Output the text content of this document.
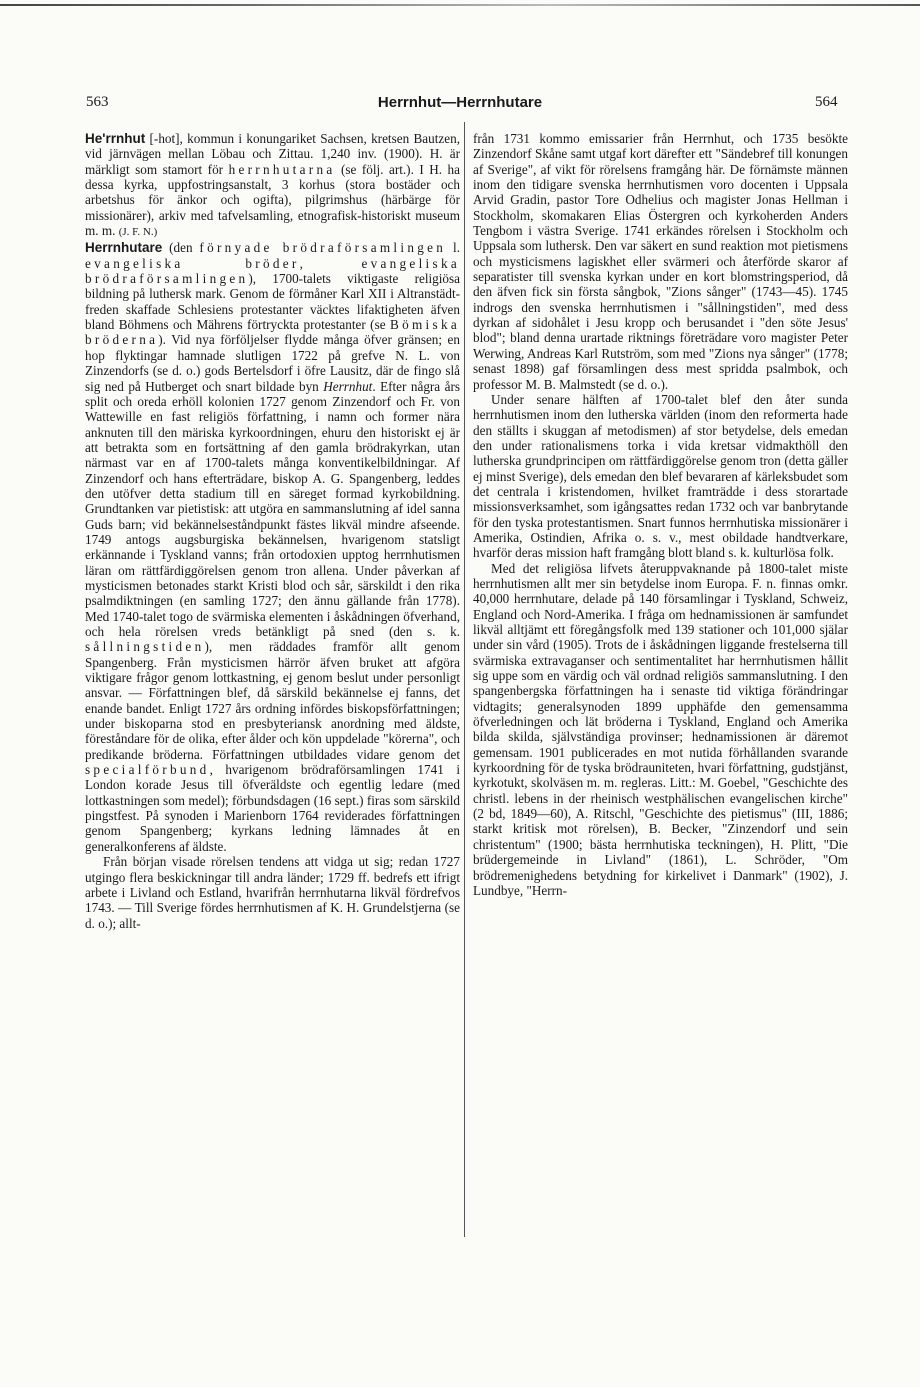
563	Herrnhut—Herrnhutare	564

He'rrnhut [-hot], kommun i konungariket Sachsen, kretsen Bautzen, vid järnvägen mellan Löbau och Zittau. 1,240 inv. (1900). H. är märkligt som stamort för herrnhutarna (se följ. art.). I H. ha dessa kyrka, uppfostringsanstalt, 3 korhus (stora bostäder och arbetshus för änkor och ogifta), pilgrimshus (härbärge för missionärer), arkiv med tafvelsamling, etnografisk-historiskt museum m. m. (J. F. N.)

Herrnhutare (den förnyade brödraförsamlingen l. evangeliska bröder, evangeliska brödraförsamlingen), 1700-talets viktigaste religiösa bildning på luthersk mark. Genom de förmåner Karl XII i Altranstädt-freden skaffade Schlesiens protestanter väcktes lifaktigheten äfven bland Böhmens och Mährens förtryckta protestanter (se Bömiska bröderna). Vid nya förföljelser flydde många öfver gränsen; en hop flyktingar hamnade slutligen 1722 på grefve N. L. von Zinzendorfs (se d. o.) gods Bertelsdorf i öfre Lausitz, där de fingo slå sig ned på Hutberget och snart bildade byn Herrnhut. Efter några års split och oreda erhöll kolonien 1727 genom Zinzendorf och Fr. von Wattewille en fast religiös författning, i namn och former nära anknuten till den märiska kyrkoordningen, ehuru den historiskt ej är att betrakta som en fortsättning af den gamla brödrakyrkan, utan närmast var en af 1700-talets många konventikelbildningar. Af Zinzendorf och hans efterträdare, biskop A. G. Spangenberg, leddes den utöfver detta stadium till en säreget formad kyrkobildning. Grundtanken var pietistisk: att utgöra en sammanslutning af idel sanna Guds barn; vid bekännelseståndpunkt fästes likväl mindre afseende. 1749 antogs augsburgiska bekännelsen, hvarigenom statsligt erkännande i Tyskland vanns; från ortodoxien upptog herrnhutismen läran om rättfärdiggörelsen genom tron allena. Under påverkan af mysticismen betonades starkt Kristi blod och sår, särskildt i den rika psalmdiktningen (en samling 1727; den ännu gällande från 1778). Med 1740-talet togo de svärmiska elementen i åskådningen öfverhand, och hela rörelsen vreds betänkligt på sned (den s. k. sållningstiden), men räddades framför allt genom Spangenberg. Från mysticismen härrör äfven bruket att afgöra viktigare frågor genom lottkastning, ej genom beslut under personligt ansvar. — Författningen blef, då särskild bekännelse ej fanns, det enande bandet. Enligt 1727 års ordning infördes biskopsförfattningen; under biskoparna stod en presbyteriansk anordning med äldste, föreståndare för de olika, efter ålder och kön uppdelade "körerna", och predikande bröderna. Författningen utbildades vidare genom det specialförbund, hvarigenom brödraförsamlingen 1741 i London korade Jesus till öfveräldste och egentlig ledare (med lottkastningen som medel); förbundsdagen (16 sept.) firas som särskild pingstfest. På synoden i Marienborn 1764 reviderades författningen genom Spangenberg; kyrkans ledning lämnades åt en generalkonferens af äldste.

Från början visade rörelsen tendens att vidga ut sig; redan 1727 utgingo flera beskickningar till andra länder; 1729 ff. bedrefs ett ifrigt arbete i Livland och Estland, hvarifrån herrnhutarna likväl fördrefvos 1743. — Till Sverige fördes herrnhutismen af K. H. Grundelstjerna (se d. o.); allt-

från 1731 kommo emissarier från Herrnhut, och 1735 besökte Zinzendorf Skåne samt utgaf kort därefter ett "Sändebref till konungen af Sverige", af vikt för rörelsens framgång här. De förnämste männen inom den tidigare svenska herrnhutismen voro docenten i Uppsala Arvid Gradin, pastor Tore Odhelius och magister Jonas Hellman i Stockholm, skomakaren Elias Östergren och kyrkoherden Anders Tengbom i västra Sverige. 1741 erkändes rörelsen i Stockholm och Uppsala som luthersk. Den var säkert en sund reaktion mot pietismens och mysticismens lagiskhet eller svärmeri och återförde skaror af separatister till svenska kyrkan under en kort blomstringsperiod, då den äfven fick sin första sångbok, "Zions sånger" (1743—45). 1745 indrogs den svenska herrnhutismen i "sållningstiden", med dess dyrkan af sidohålet i Jesu kropp och berusandet i "den söte Jesus' blod"; bland denna urartade riktnings företrädare voro magister Peter Werwing, Andreas Karl Rutström, som med "Zions nya sånger" (1778; senast 1898) gaf församlingen dess mest spridda psalmbok, och professor M. B. Malmstedt (se d. o.).

Under senare hälften af 1700-talet blef den åter sunda herrnhutismen inom den lutherska världen (inom den reformerta hade den ställts i skuggan af metodismen) af stor betydelse, dels emedan den under rationalismens torka i vida kretsar vidmakthöll den lutherska grundprincipen om rättfärdiggörelse genom tron (detta gäller ej minst Sverige), dels emedan den blef bevararen af kärleksbudet som det centrala i kristendomen, hvilket framträdde i dess storartade missionsverksamhet, som igångsattes redan 1732 och var banbrytande för den tyska protestantismen. Snart funnos herrnhutiska missionärer i Amerika, Ostindien, Afrika o. s. v., mest obildade handtverkare, hvarför deras mission haft framgång blott bland s. k. kulturlösa folk.

Med det religiösa lifvets återuppvaknande på 1800-talet miste herrnhutismen allt mer sin betydelse inom Europa. F. n. finnas omkr. 40,000 herrnhutare, delade på 140 församlingar i Tyskland, Schweiz, England och Nord-Amerika. I fråga om hednamissionen är samfundet likväl alltjämt ett föregångsfolk med 139 stationer och 101,000 själar under sin vård (1905). Trots de i åskådningen liggande frestelserna till svärmiska extravaganser och sentimentalitet har herrnhutismen hållit sig uppe som en värdig och väl ordnad religiös sammanslutning. I den spangenbergska författningen ha i senaste tid viktiga förändringar vidtagits; generalsynoden 1899 upphäfde den gemensamma öfverledningen och lät bröderna i Tyskland, England och Amerika bilda skilda, självständiga provinser; hednamissionen är däremot gemensam. 1901 publicerades en mot nutida förhållanden svarande kyrkoordning för de tyska brödrauniteten, hvari författning, gudstjänst, kyrkotukt, skolväsen m. m. regleras. Litt.: M. Goebel, "Geschichte des christl. lebens in der rheinisch westphälischen evangelischen kirche" (2 bd, 1849—60), A. Ritschl, "Geschichte des pietismus" (III, 1886; starkt kritisk mot rörelsen), B. Becker, "Zinzendorf und sein christentum" (1900; bästa herrnhutiska teckningen), H. Plitt, "Die brüdergemeinde in Livland" (1861), L. Schröder, "Om brödremenighedens betydning for kirkelivet i Danmark" (1902), J. Lundbye, "Herrn-
